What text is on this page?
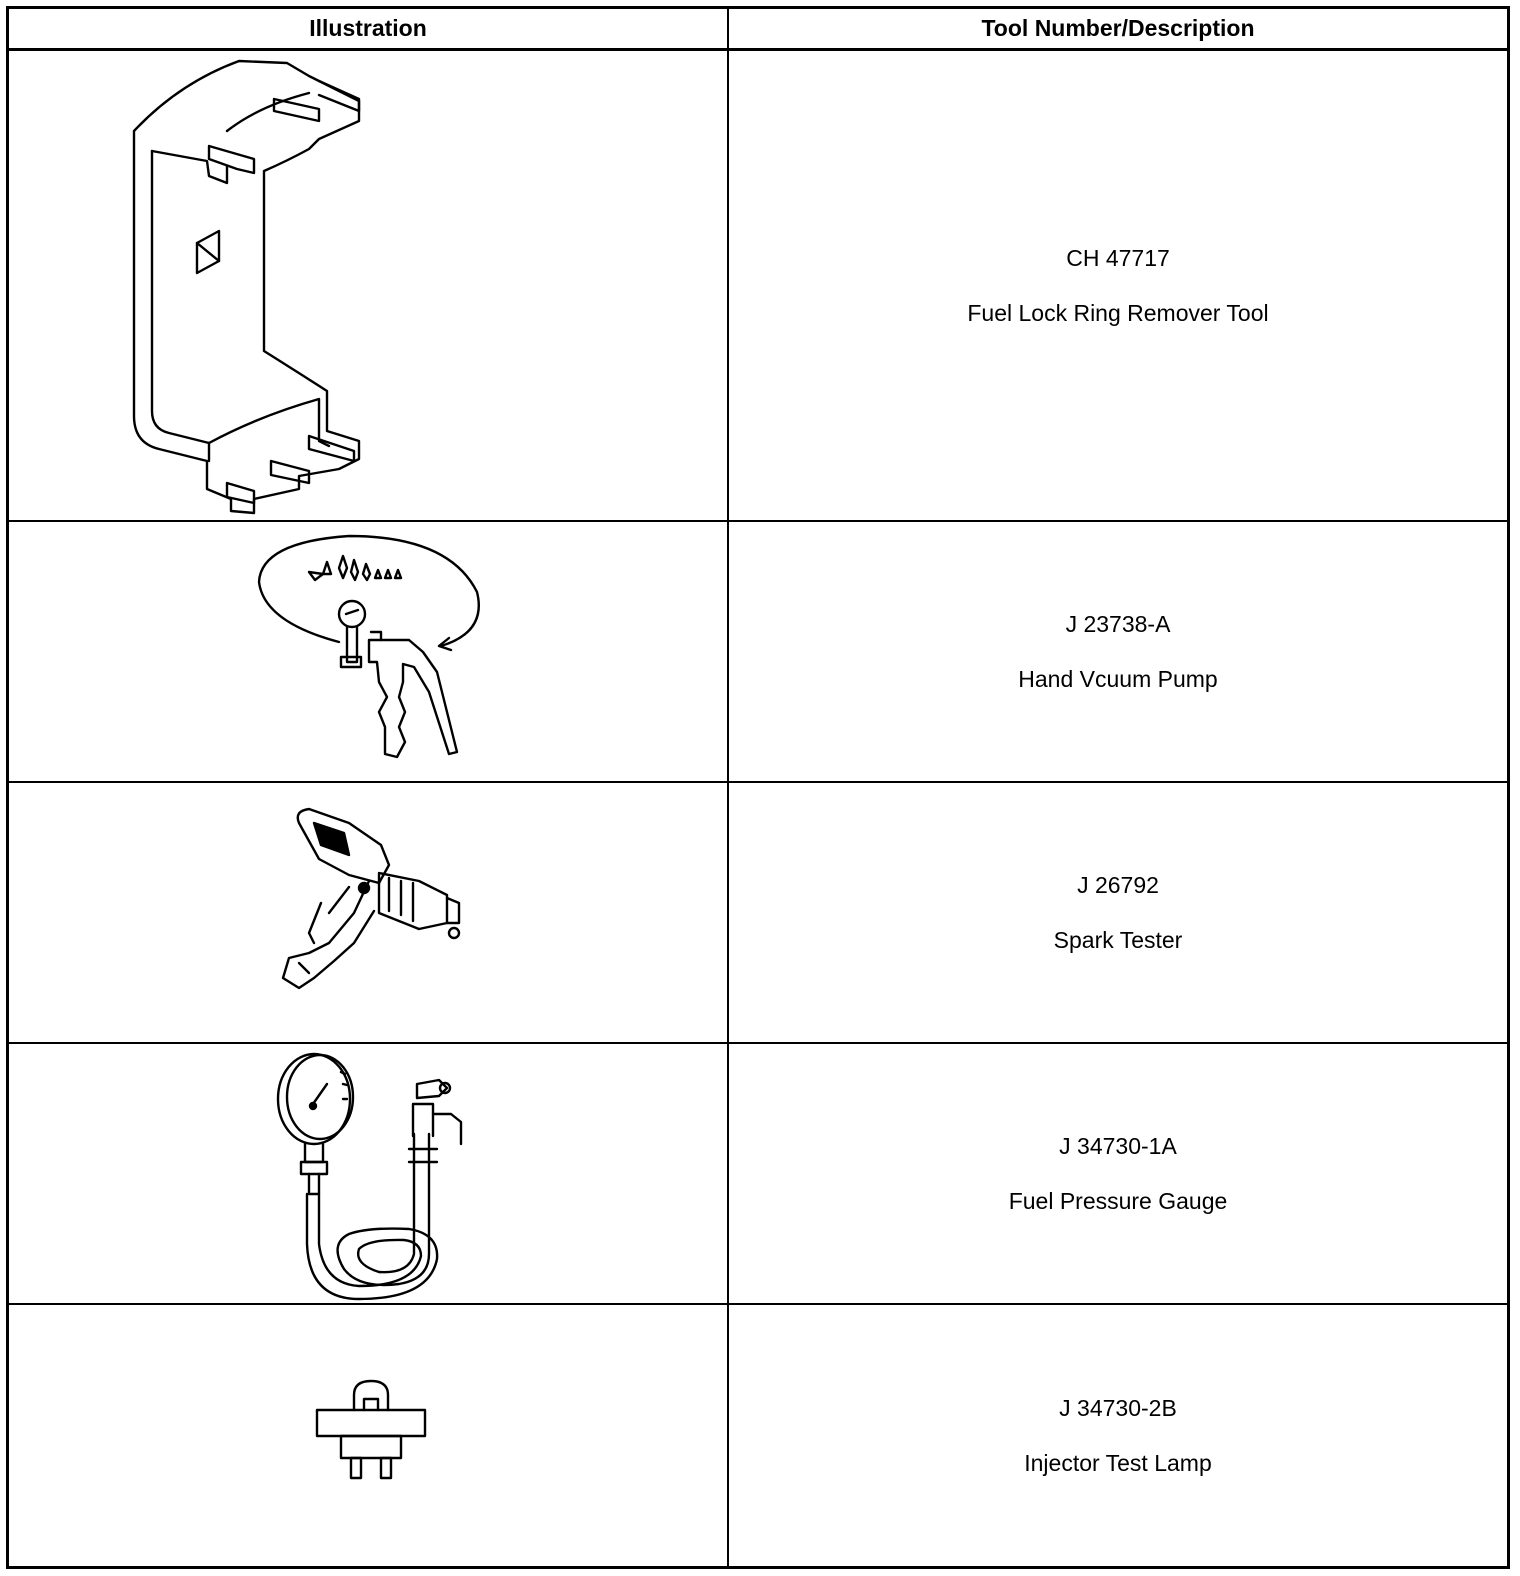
Illustration	Tool Number/Description
CH 47717
Fuel Lock Ring Remover Tool
J 23738-A
Hand Vcuum Pump
J 26792
Spark Tester
J 34730-1A
Fuel Pressure Gauge
J 34730-2B
Injector Test Lamp
